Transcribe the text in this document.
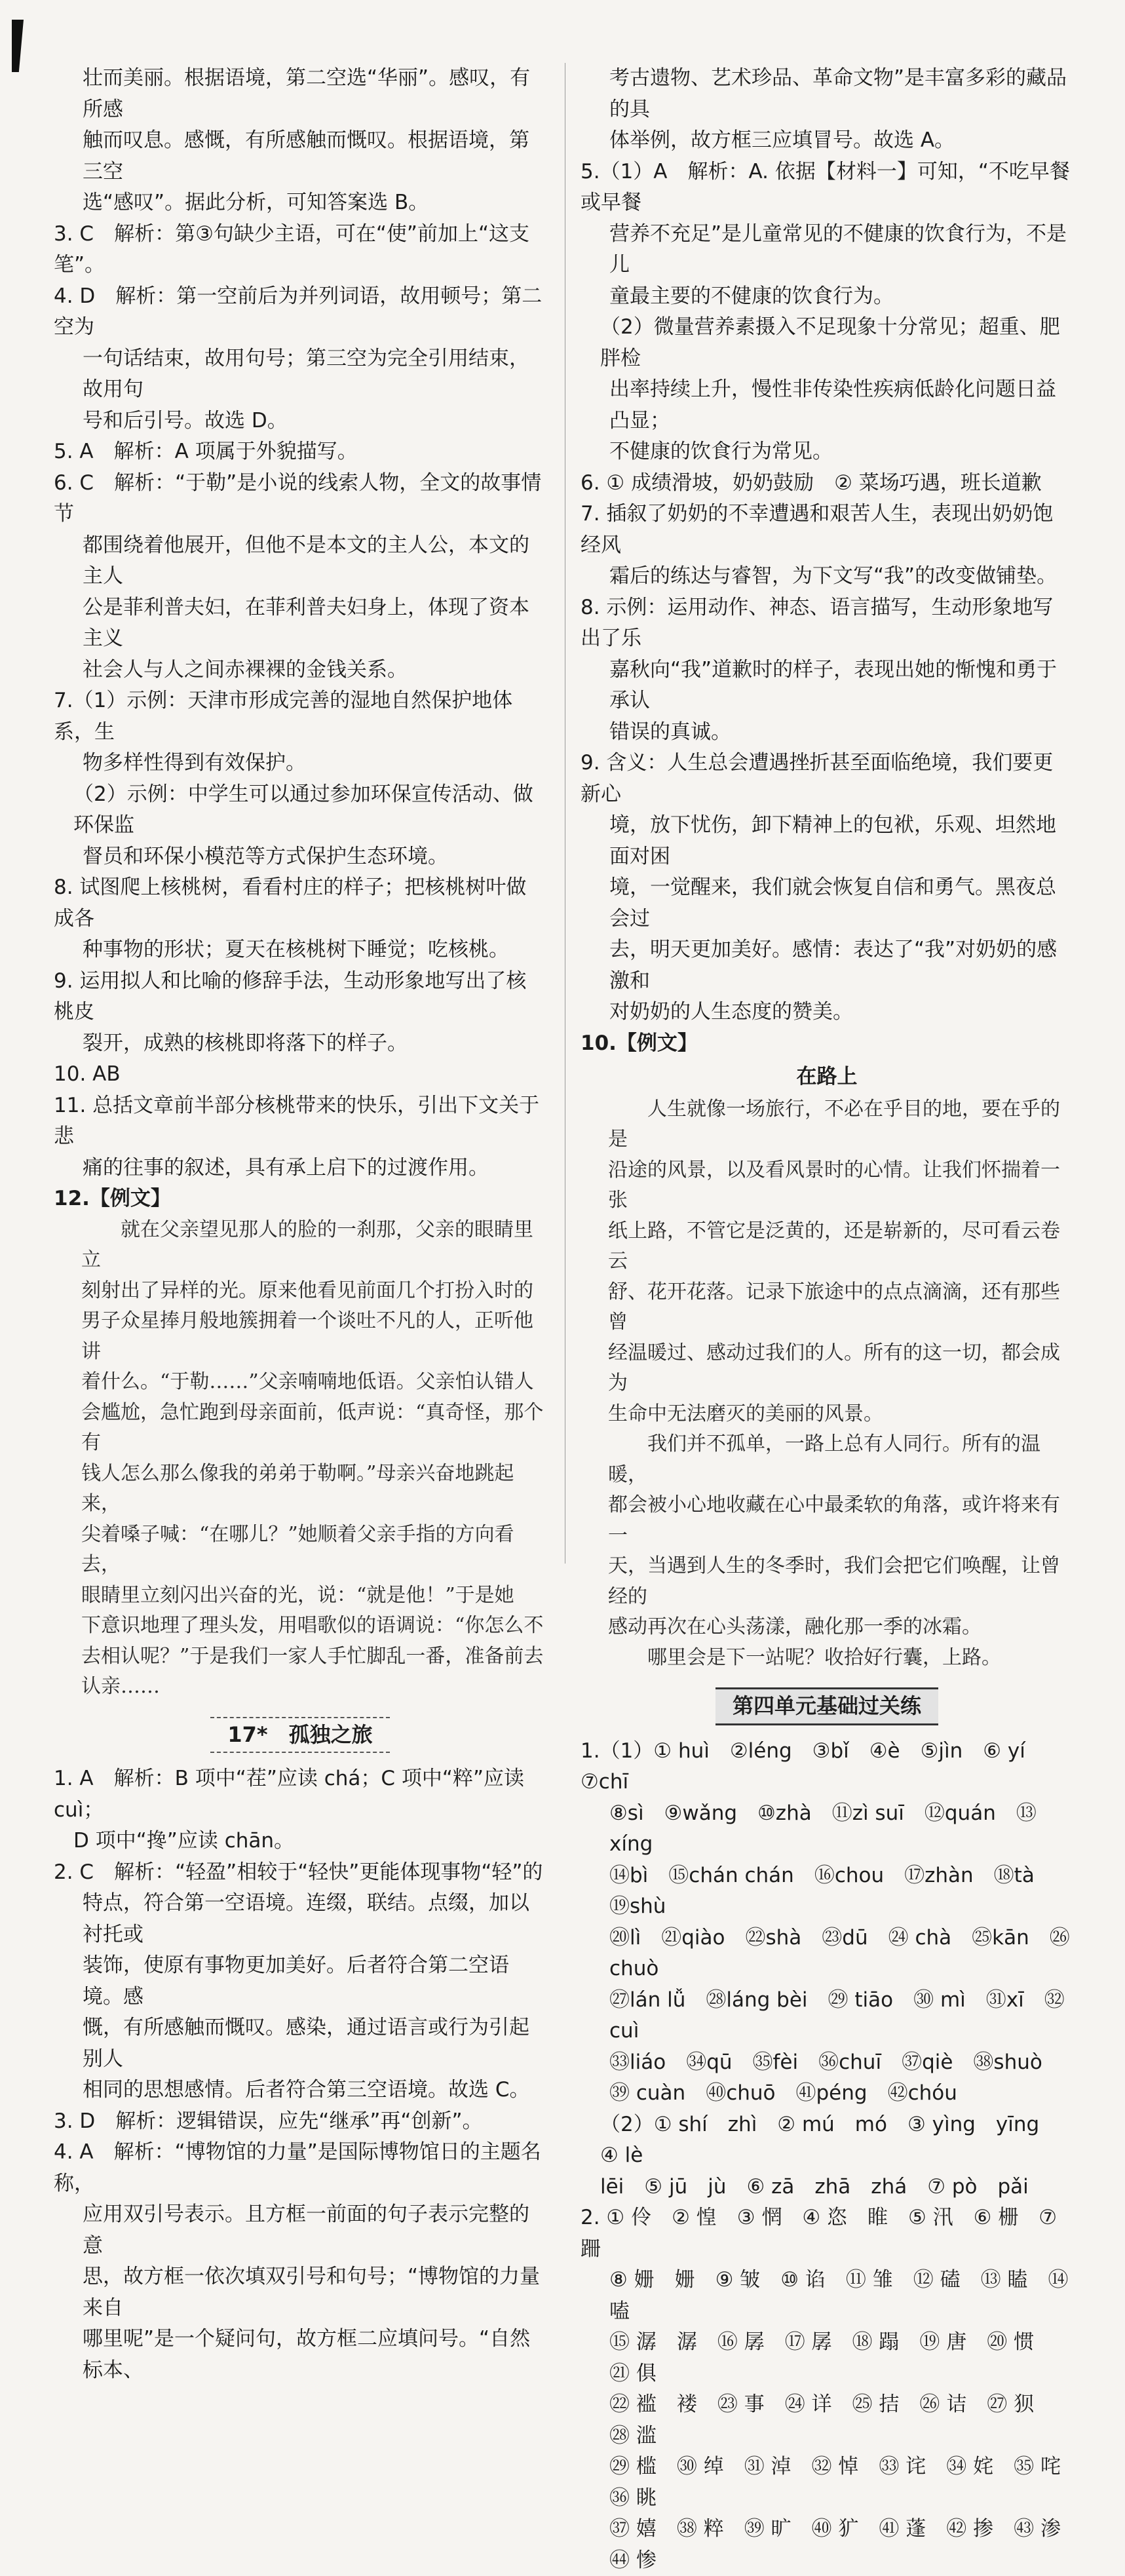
壮而美丽。根据语境，第二空选“华丽”。感叹，有所感

触而叹息。感慨，有所感触而慨叹。根据语境，第三空

选“感叹”。据此分析，可知答案选 B。

3. C　解析：第③句缺少主语，可在“使”前加上“这支笔”。

4. D　解析：第一空前后为并列词语，故用顿号；第二空为

一句话结束，故用句号；第三空为完全引用结束，故用句

号和后引号。故选 D。

5. A　解析：A 项属于外貌描写。

6. C　解析：“于勒”是小说的线索人物，全文的故事情节

都围绕着他展开，但他不是本文的主人公，本文的主人

公是菲利普夫妇，在菲利普夫妇身上，体现了资本主义

社会人与人之间赤裸裸的金钱关系。

7.（1）示例：天津市形成完善的湿地自然保护地体系，生

物多样性得到有效保护。

（2）示例：中学生可以通过参加环保宣传活动、做环保监

督员和环保小模范等方式保护生态环境。

8. 试图爬上核桃树，看看村庄的样子；把核桃树叶做成各

种事物的形状；夏天在核桃树下睡觉；吃核桃。

9. 运用拟人和比喻的修辞手法，生动形象地写出了核桃皮

裂开，成熟的核桃即将落下的样子。

10. AB

11. 总括文章前半部分核桃带来的快乐，引出下文关于悲

痛的往事的叙述，具有承上启下的过渡作用。

12.【例文】

就在父亲望见那人的脸的一刹那，父亲的眼睛里立

刻射出了异样的光。原来他看见前面几个打扮入时的

男子众星捧月般地簇拥着一个谈吐不凡的人，正听他讲

着什么。“于勒……”父亲喃喃地低语。父亲怕认错人

会尴尬，急忙跑到母亲面前，低声说：“真奇怪，那个有

钱人怎么那么像我的弟弟于勒啊。”母亲兴奋地跳起来，

尖着嗓子喊：“在哪儿？”她顺着父亲手指的方向看去，

眼睛里立刻闪出兴奋的光，说：“就是他！”于是她

下意识地理了理头发，用唱歌似的语调说：“你怎么不

去相认呢？”于是我们一家人手忙脚乱一番，准备前去

认亲……

17*　孤独之旅

1. A　解析：B 项中“茬”应读 chá；C 项中“粹”应读 cuì；

D 项中“搀”应读 chān。

2. C　解析：“轻盈”相较于“轻快”更能体现事物“轻”的

特点，符合第一空语境。连缀，联结。点缀，加以衬托或

装饰，使原有事物更加美好。后者符合第二空语境。感

慨，有所感触而慨叹。感染，通过语言或行为引起别人

相同的思想感情。后者符合第三空语境。故选 C。

3. D　解析：逻辑错误，应先“继承”再“创新”。

4. A　解析：“博物馆的力量”是国际博物馆日的主题名称，

应用双引号表示。且方框一前面的句子表示完整的意

思，故方框一依次填双引号和句号；“博物馆的力量来自

哪里呢”是一个疑问句，故方框二应填问号。“自然标本、

考古遗物、艺术珍品、革命文物”是丰富多彩的藏品的具

体举例，故方框三应填冒号。故选 A。

5.（1）A　解析：A. 依据【材料一】可知，“不吃早餐或早餐

营养不充足”是儿童常见的不健康的饮食行为，不是儿

童最主要的不健康的饮食行为。

（2）微量营养素摄入不足现象十分常见；超重、肥胖检

出率持续上升，慢性非传染性疾病低龄化问题日益凸显；

不健康的饮食行为常见。

6. ① 成绩滑坡，奶奶鼓励　② 菜场巧遇，班长道歉

7. 插叙了奶奶的不幸遭遇和艰苦人生，表现出奶奶饱经风

霜后的练达与睿智，为下文写“我”的改变做铺垫。

8. 示例：运用动作、神态、语言描写，生动形象地写出了乐

嘉秋向“我”道歉时的样子，表现出她的惭愧和勇于承认

错误的真诚。

9. 含义：人生总会遭遇挫折甚至面临绝境，我们要更新心

境，放下忧伤，卸下精神上的包袱，乐观、坦然地面对困

境，一觉醒来，我们就会恢复自信和勇气。黑夜总会过

去，明天更加美好。感情：表达了“我”对奶奶的感激和

对奶奶的人生态度的赞美。

10.【例文】

在路上

人生就像一场旅行，不必在乎目的地，要在乎的是

沿途的风景，以及看风景时的心情。让我们怀揣着一张

纸上路，不管它是泛黄的，还是崭新的，尽可看云卷云

舒、花开花落。记录下旅途中的点点滴滴，还有那些曾

经温暖过、感动过我们的人。所有的这一切，都会成为

生命中无法磨灭的美丽的风景。

我们并不孤单，一路上总有人同行。所有的温暖，

都会被小心地收藏在心中最柔软的角落，或许将来有一

天，当遇到人生的冬季时，我们会把它们唤醒，让曾经的

感动再次在心头荡漾，融化那一季的冰霜。

哪里会是下一站呢？收拾好行囊，上路。

第四单元基础过关练

1.（1）① huì　②léng　③bǐ　④è　⑤jìn　⑥ yí　⑦chī

⑧sì　⑨wǎng　⑩zhà　⑪zì suī　⑫quán　⑬ xíng

⑭bì　⑮chán chán　⑯chou　⑰zhàn　⑱tà　⑲shù

⑳lì　㉑qiào　㉒shà　㉓dū　㉔ chà　㉕kān　㉖chuò

㉗lán lǚ　㉘láng bèi　㉙ tiāo　㉚ mì　㉛xī　㉜ cuì

㉝liáo　㉞qū　㉟fèi　㊱chuī　㊲qiè　㊳shuò

㊴ cuàn　㊵chuō　㊶péng　㊷chóu

（2）① shí　zhì　② mú　mó　③ yìng　yīng　④ lè

lēi　⑤ jū　jù　⑥ zā　zhā　zhá　⑦ pò　pǎi

2. ① 伶　② 惶　③ 惘　④ 恣　睢　⑤ 汛　⑥ 栅　⑦ 跚

⑧ 姗　姗　⑨ 皱　⑩ 谄　⑪ 雏　⑫ 磕　⑬ 瞌　⑭ 嗑

⑮ 潺　潺　⑯ 孱　⑰ 孱　⑱ 蹋　⑲ 唐　⑳ 惯　㉑ 俱

㉒ 褴　褛　㉓ 事　㉔ 详　㉕ 拮　㉖ 诘　㉗ 狈　㉘ 滥

㉙ 槛　㉚ 绰　㉛ 淖　㉜ 悼　㉝ 诧　㉞ 姹　㉟ 咤　㊱ 眺

㊲ 嬉　㊳ 粹　㊴ 旷　㊵ 犷　㊶ 蓬　㊷ 掺　㊸ 渗　㊹ 惨
